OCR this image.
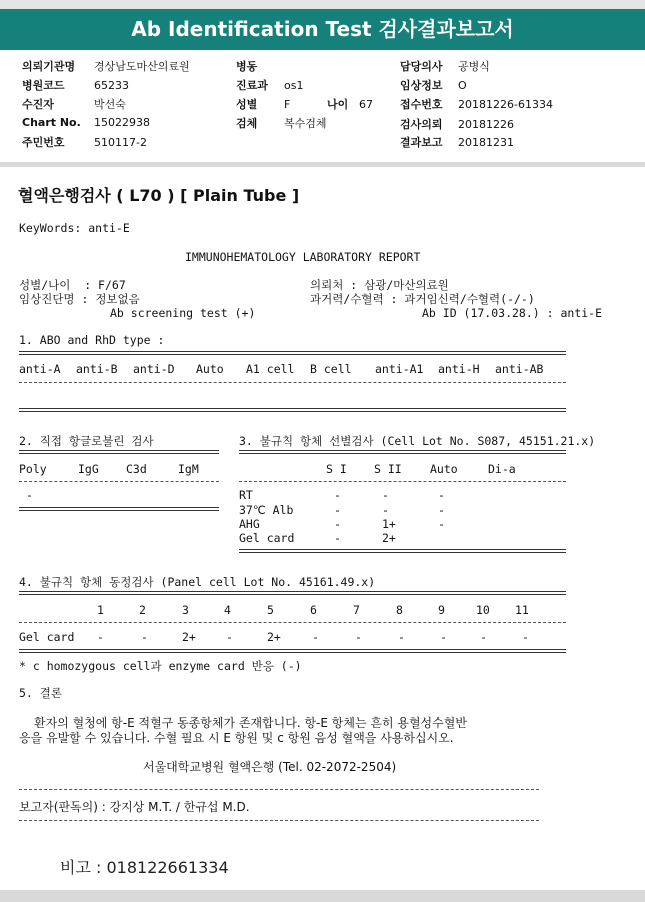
Ab Identification Test 검사결과보고서
의뢰기관명 경상남도마산의료원
병원코드	65233
수진자	박선숙
Chart No. 15022938
주민번호	510117-2
병동
진료과 os1
성별 F
검체 복수검체
나이 67
담당의사 공병식
임상정보 O
접수번호 20181226-61334
검사의뢰 20181226
결과보고 20181231
혈액은행검사 ( L70 ) [ Plain Tube ]
KeyWords: anti-E
IMMUNOHEMATOLOGY LABORATORY REPORT
성별/나이  : F/67
임상진단명 : 정보없음
Ab screening test (+)
의뢰처 : 삼광/마산의료원
과거력/수혈력 : 과거임신력/수혈력(-/-)
Ab ID (17.03.28.) : anti-E
1. ABO and RhD type :
anti-A anti-B anti-D Auto A1 cell B cell anti-A1 anti-H anti-AB
2. 직접 항글로불린 검사
Poly	IgG C3d	IgM
-
3. 불규칙 항체 선별검사 (Cell Lot No. S087, 45151.21.x)
S I S II Auto	Di-a
RT	-	-	-
37℃ Alb	-	-	-
AHG	-	1+	-
Gel card	-	2+
4. 불규칙 항체 동정검사 (Panel cell Lot No. 45161.49.x)
1	2	3	4	5	6	7	8	9	10 11
Gel card -	-	2+	-	2+	-	-	-	-	-	-
* c homozygous cell과 enzyme card 반응 (-)
5. 결론
환자의 혈청에 항-E 적혈구 동종항체가 존재합니다. 항-E 항체는 흔히 용혈성수혈반
응을 유발할 수 있습니다. 수혈 필요 시 E 항원 및 c 항원 음성 혈액을 사용하십시오.
서울대학교병원 혈액은행 (Tel. 02-2072-2504)
보고자(판독의) : 강지상 M.T. / 한규섭 M.D.
비고 : 018122661334
